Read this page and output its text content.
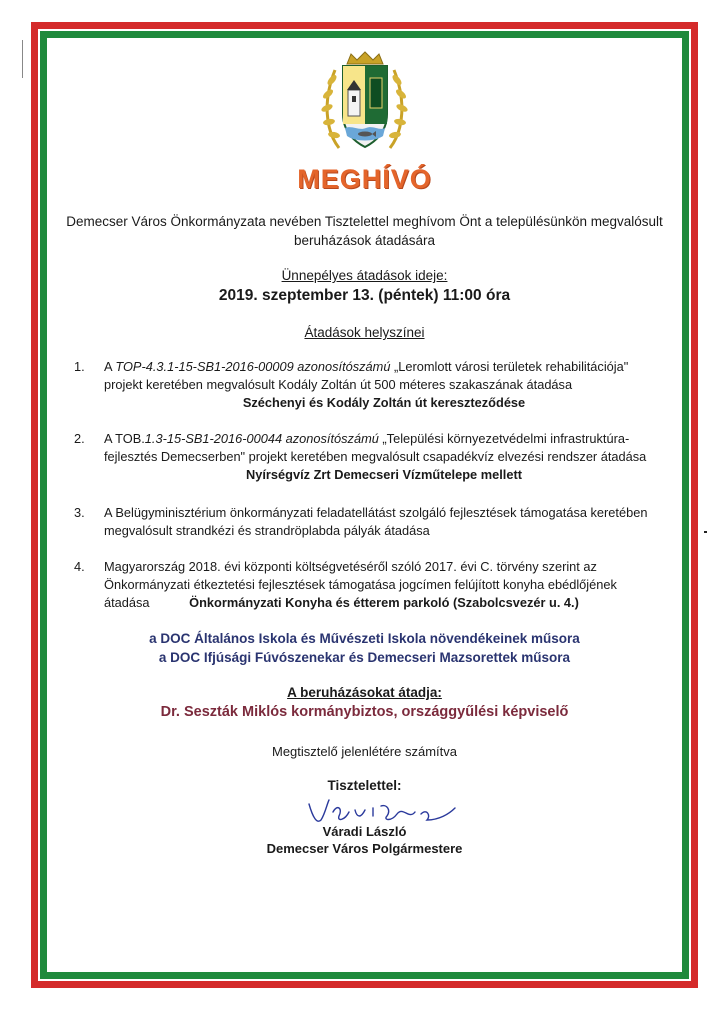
MEGHÍVÓ
Demecser Város Önkormányzata nevében Tisztelettel meghívom Önt a településünkön megvalósult beruházások átadására
Ünnepélyes átadások ideje:
2019. szeptember 13. (péntek) 11:00 óra
Átadások helyszínei
1.	A TOP-4.3.1-15-SB1-2016-00009 azonosítószámú „Leromlott városi területek rehabilitációja" projekt keretében megvalósult Kodály Zoltán út 500 méteres szakaszának átadása
Széchenyi és Kodály Zoltán út kereszteződése
2.	A TOB.1.3-15-SB1-2016-00044 azonosítószámú „Települési környezetvédelmi infrastruktúra-fejlesztés Demecserben" projekt keretében megvalósult csapadékvíz elvezési rendszer átadása
Nyírségvíz Zrt Demecseri Vízműtelepe mellett
3.	A Belügyminisztérium önkormányzati feladatellátást szolgáló fejlesztések támogatása keretében megvalósult strandkézi és strandröplabda pályák átadása
4.	Magyarország 2018. évi központi költségvetéséről szóló 2017. évi C. törvény szerint az Önkormányzati étkeztetési fejlesztések támogatása jogcímen felújított konyha ebédlőjének átadása	Önkormányzati Konyha és étterem parkoló (Szabolcsvezér u. 4.)
a DOC Általános Iskola és Művészeti Iskola növendékeinek műsora
a DOC Ifjúsági Fúvószenekar és Demecseri Mazsorettek műsora
A beruházásokat átadja:
Dr. Seszták Miklós kormánybiztos, országgyűlési képviselő
Megtisztelő jelenlétére számítva
Tisztelettel:
Váradi László
Demecser Város Polgármestere
